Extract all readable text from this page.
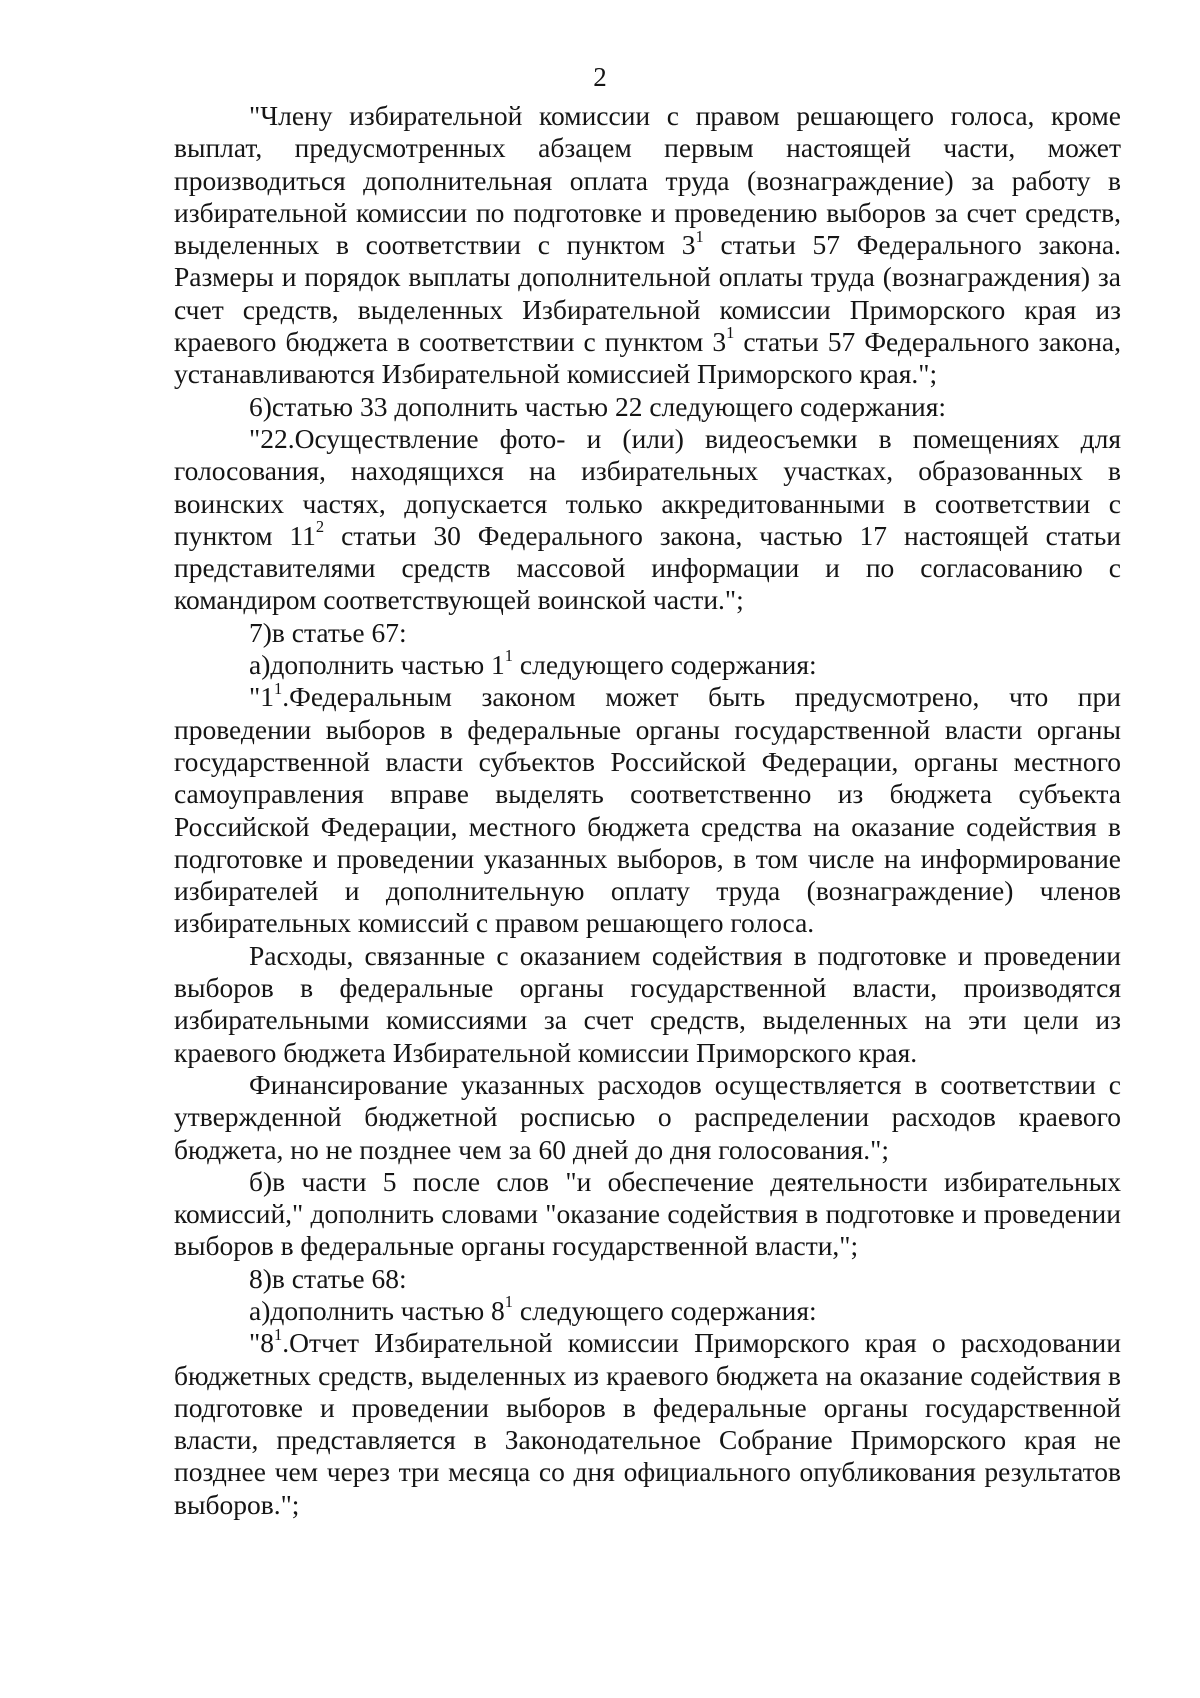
2

"Члену избирательной комиссии с правом решающего голоса, кроме выплат, предусмотренных абзацем первым настоящей части, может производиться дополнительная оплата труда (вознаграждение) за работу в избирательной комиссии по подготовке и проведению выборов за счет средств, выделенных в соответствии с пунктом $3^1$ статьи 57 Федерального закона. Размеры и порядок выплаты дополнительной оплаты труда (вознаграждения) за счет средств, выделенных Избирательной комиссии Приморского края из краевого бюджета в соответствии с пунктом $3^1$ статьи 57 Федерального закона, устанавливаются Избирательной комиссией Приморского края.";

6)статью 33 дополнить частью 22 следующего содержания:

"22.Осуществление фото- и (или) видеосъемки в помещениях для голосования, находящихся на избирательных участках, образованных в воинских частях, допускается только аккредитованными в соответствии с пунктом $11^2$ статьи 30 Федерального закона, частью 17 настоящей статьи представителями средств массовой информации и по согласованию с командиром соответствующей воинской части.";

7)в статье 67:

а)дополнить частью $1^1$ следующего содержания:

"$1^1.Федеральным$ законом может быть предусмотрено, что при проведении выборов в федеральные органы государственной власти органы государственной власти субъектов Российской Федерации, органы местного самоуправления вправе выделять соответственно из бюджета субъекта Российской Федерации, местного бюджета средства на оказание содействия в подготовке и проведении указанных выборов, в том числе на информирование избирателей и дополнительную оплату труда (вознаграждение) членов избирательных комиссий с правом решающего голоса.

Расходы, связанные с оказанием содействия в подготовке и проведении выборов в федеральные органы государственной власти, производятся избирательными комиссиями за счет средств, выделенных на эти цели из краевого бюджета Избирательной комиссии Приморского края.

Финансирование указанных расходов осуществляется в соответствии с утвержденной бюджетной росписью о распределении расходов краевого бюджета, но не позднее чем за 60 дней до дня голосования.";

б)в части 5 после слов "и обеспечение деятельности избирательных комиссий," дополнить словами "оказание содействия в подготовке и проведении выборов в федеральные органы государственной власти,";

8)в статье 68:

а)дополнить частью $8^1$ следующего содержания:

"$8^1.Отчет$ Избирательной комиссии Приморского края о расходовании бюджетных средств, выделенных из краевого бюджета на оказание содействия в подготовке и проведении выборов в федеральные органы государственной власти, представляется в Законодательное Собрание Приморского края не позднее чем через три месяца со дня официального опубликования результатов выборов.";
